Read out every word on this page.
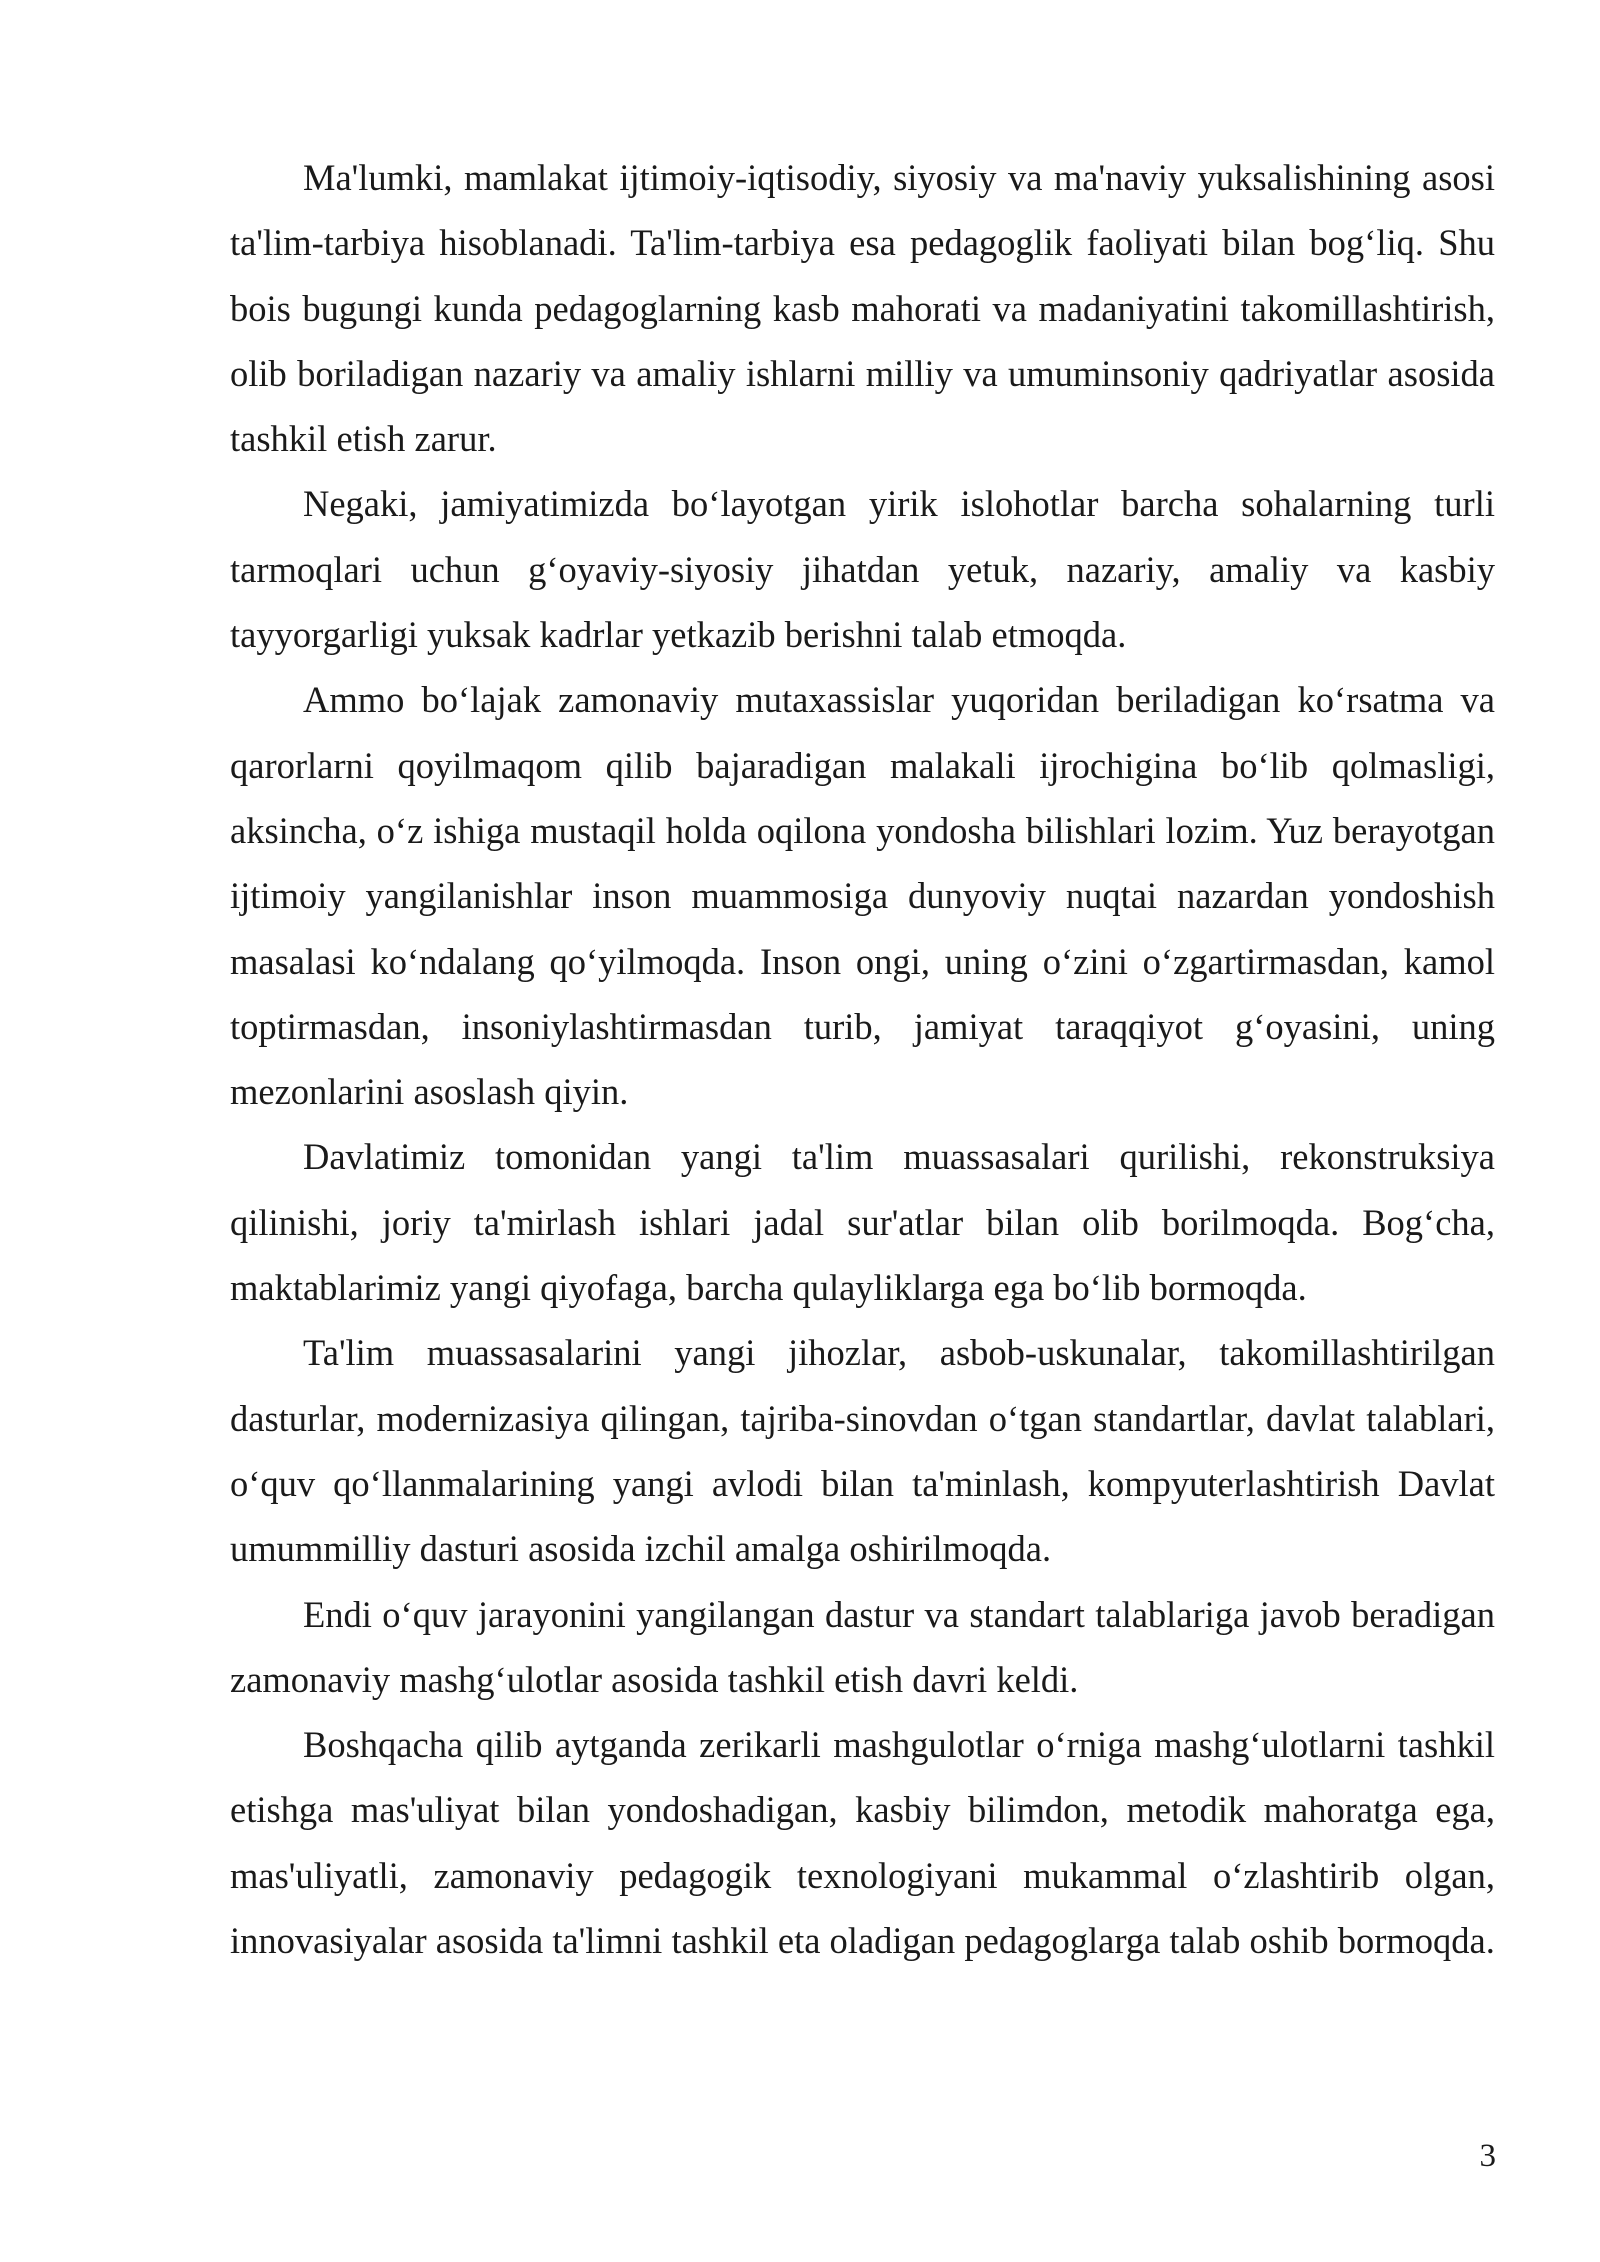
Ma'lumki, mamlakat ijtimoiy-iqtisodiy, siyosiy va ma'naviy yuksalishining asosi ta'lim-tarbiya hisoblanadi. Ta'lim-tarbiya esa pedagoglik faoliyati bilan bog‘liq. Shu bois bugungi kunda pedagoglarning kasb mahorati va madaniyatini takomillashtirish, olib boriladigan nazariy va amaliy ishlarni milliy va umuminsoniy qadriyatlar asosida tashkil etish zarur.

Negaki, jamiyatimizda bo‘layotgan yirik islohotlar barcha sohalarning turli tarmoqlari uchun g‘oyaviy-siyosiy jihatdan yetuk, nazariy, amaliy va kasbiy tayyorgarligi yuksak kadrlar yetkazib berishni talab etmoqda.

Ammo bo‘lajak zamonaviy mutaxassislar yuqoridan beriladigan ko‘rsatma va qarorlarni qoyilmaqom qilib bajaradigan malakali ijrochigina bo‘lib qolmasligi, aksincha, o‘z ishiga mustaqil holda oqilona yondosha bilishlari lozim. Yuz berayotgan ijtimoiy yangilanishlar inson muammosiga dunyoviy nuqtai nazardan yondoshish masalasi ko‘ndalang qo‘yilmoqda. Inson ongi, uning o‘zini o‘zgartirmasdan, kamol toptirmasdan, insoniylashtirmasdan turib, jamiyat taraqqiyot g‘oyasini, uning mezonlarini asoslash qiyin.

Davlatimiz tomonidan yangi ta'lim muassasalari qurilishi, rekonstruksiya qilinishi, joriy ta'mirlash ishlari jadal sur'atlar bilan olib borilmoqda. Bog‘cha, maktablarimiz yangi qiyofaga, barcha qulayliklarga ega bo‘lib bormoqda.

Ta'lim muassasalarini yangi jihozlar, asbob-uskunalar, takomillashtirilgan dasturlar, modernizasiya qilingan, tajriba-sinovdan o‘tgan standartlar, davlat talablari, o‘quv qo‘llanmalarining yangi avlodi bilan ta'minlash, kompyuterlashtirish Davlat umummilliy dasturi asosida izchil amalga oshirilmoqda.

Endi o‘quv jarayonini yangilangan dastur va standart talablariga javob beradigan zamonaviy mashg‘ulotlar asosida tashkil etish davri keldi.

Boshqacha qilib aytganda zerikarli mashgulotlar o‘rniga mashg‘ulotlarni tashkil etishga mas'uliyat bilan yondoshadigan, kasbiy bilimdon, metodik mahoratga ega, mas'uliyatli, zamonaviy pedagogik texnologiyani mukammal o‘zlashtirib olgan, innovasiyalar asosida ta'limni tashkil eta oladigan pedagoglarga talab oshib bormoqda.

3
